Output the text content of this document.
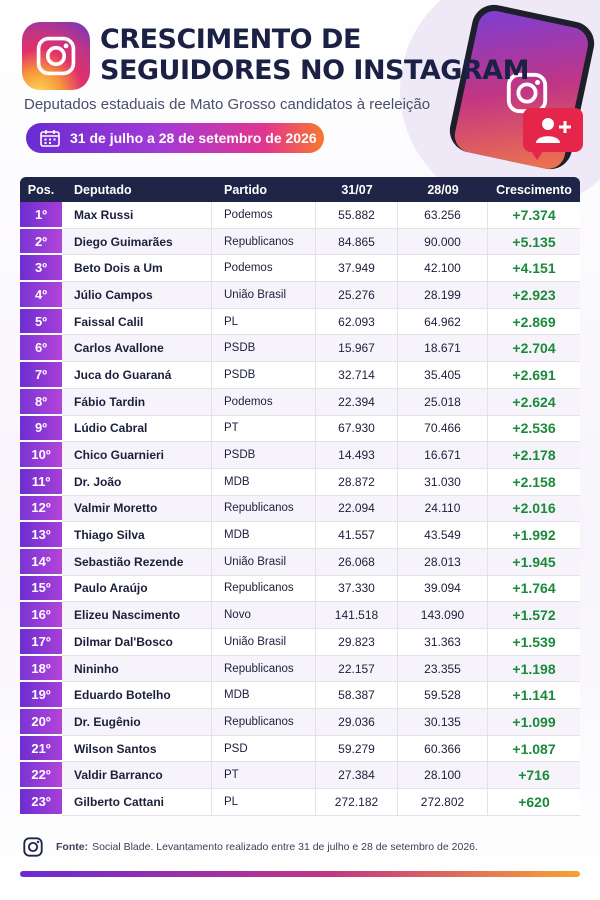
CRESCIMENTO DE
SEGUIDORES NO INSTAGRAM
Deputados estaduais de Mato Grosso candidatos à reeleição
31 de julho a 28 de setembro de 2026
Pos.	Deputado	Partido	31/07	28/09	Crescimento
1º	Max Russi	Podemos	55.882	63.256	+7.374
2º	Diego Guimarães	Republicanos	84.865	90.000	+5.135
3º	Beto Dois a Um	Podemos	37.949	42.100	+4.151
4º	Júlio Campos	União Brasil	25.276	28.199	+2.923
5º	Faissal Calil	PL	62.093	64.962	+2.869
6º	Carlos Avallone	PSDB	15.967	18.671	+2.704
7º	Juca do Guaraná	PSDB	32.714	35.405	+2.691
8º	Fábio Tardin	Podemos	22.394	25.018	+2.624
9º	Lúdio Cabral	PT	67.930	70.466	+2.536
10º	Chico Guarnieri	PSDB	14.493	16.671	+2.178
11º	Dr. João	MDB	28.872	31.030	+2.158
12º	Valmir Moretto	Republicanos	22.094	24.110	+2.016
13º	Thiago Silva	MDB	41.557	43.549	+1.992
14º	Sebastião Rezende	União Brasil	26.068	28.013	+1.945
15º	Paulo Araújo	Republicanos	37.330	39.094	+1.764
16º	Elizeu Nascimento	Novo	141.518	143.090	+1.572
17º	Dilmar Dal'Bosco	União Brasil	29.823	31.363	+1.539
18º	Nininho	Republicanos	22.157	23.355	+1.198
19º	Eduardo Botelho	MDB	58.387	59.528	+1.141
20º	Dr. Eugênio	Republicanos	29.036	30.135	+1.099
21º	Wilson Santos	PSD	59.279	60.366	+1.087
22º	Valdir Barranco	PT	27.384	28.100	+716
23º	Gilberto Cattani	PL	272.182	272.802	+620
Fonte: Social Blade. Levantamento realizado entre 31 de julho e 28 de setembro de 2026.
